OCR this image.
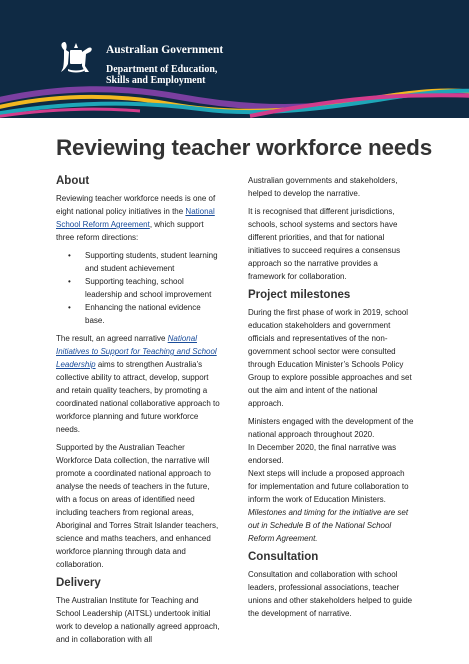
Australian Government
Department of Education,
Skills and Employment
Reviewing teacher workforce needs
About

Reviewing teacher workforce needs is one of eight national policy initiatives in the National School Reform Agreement, which support three reform directions:

• Supporting students, student learning and student achievement
• Supporting teaching, school leadership and school improvement
• Enhancing the national evidence base.

The result, an agreed narrative National Initiatives to Support for Teaching and School Leadership aims to strengthen Australia’s collective ability to attract, develop, support and retain quality teachers, by promoting a coordinated national collaborative approach to workforce planning and future workforce needs.

Supported by the Australian Teacher Workforce Data collection, the narrative will promote a coordinated national approach to analyse the needs of teachers in the future, with a focus on areas of identified need including teachers from regional areas, Aboriginal and Torres Strait Islander teachers, science and maths teachers, and enhanced workforce planning through data and collaboration.

Delivery

The Australian Institute for Teaching and School Leadership (AITSL) undertook initial work to develop a nationally agreed approach, and in collaboration with all

Australian governments and stakeholders, helped to develop the narrative.

It is recognised that different jurisdictions, schools, school systems and sectors have different priorities, and that for national initiatives to succeed requires a consensus approach so the narrative provides a framework for collaboration.

Project milestones

During the first phase of work in 2019, school education stakeholders and government officials and representatives of the non-government school sector were consulted through Education Minister’s Schools Policy Group to explore possible approaches and set out the aim and intent of the national approach.

Ministers engaged with the development of the national approach throughout 2020.
In December 2020, the final narrative was endorsed.
Next steps will include a proposed approach for implementation and future collaboration to inform the work of Education Ministers.
Milestones and timing for the initiative are set out in Schedule B of the National School Reform Agreement.

Consultation

Consultation and collaboration with school leaders, professional associations, teacher unions and other stakeholders helped to guide the development of narrative.
